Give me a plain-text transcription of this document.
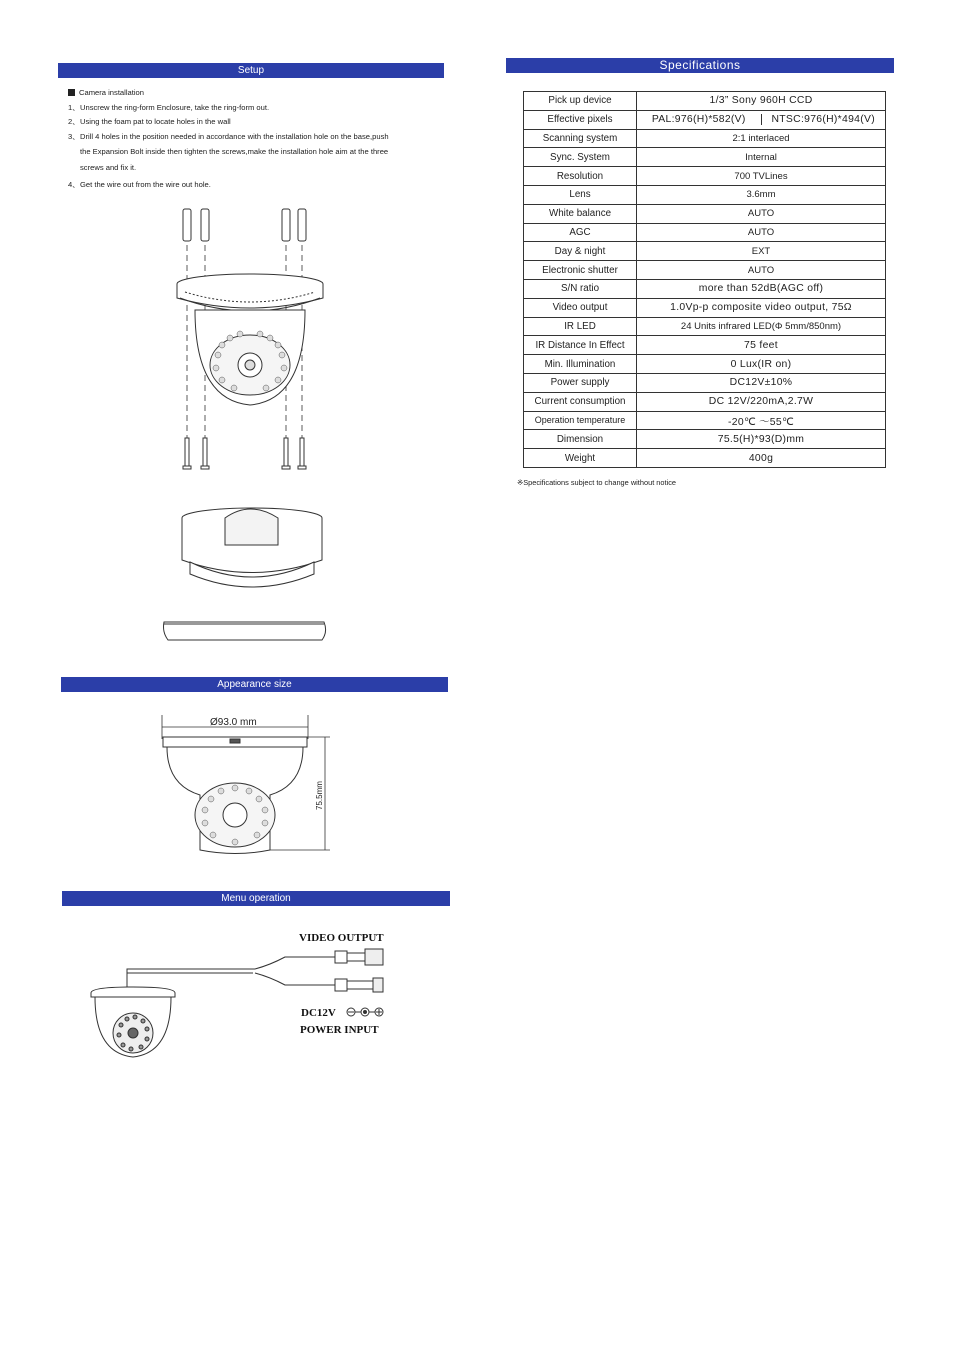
Setup	Specifications
Appearance size
Menu operation
Camera installation
1、Unscrew the ring-form Enclosure, take the ring-form out.
2、Using the foam pat to locate holes in the wall
3、Drill 4 holes in the position needed in accordance with the installation hole on the base,push
the Expansion Bolt inside then tighten the screws,make the installation hole aim at the three
screws and fix it.
4、Get the wire out from the wire out hole.
Ø93.0 mm
75.5mm
VIDEO OUTPUT
DC12V
POWER INPUT
Pick up device	1/3” Sony 960H CCD
Effective pixels	PAL:976(H)*582(V) NTSC:976(H)*494(V)

Scanning system	2:1 interlaced
Sync. System	Internal
Resolution	700 TVLines
Lens	3.6mm
White balance	AUTO
AGC	AUTO
Day & night	EXT
Electronic shutter	AUTO
S/N ratio	more than 52dB(AGC off)
Video output	1.0Vp-p composite video output, 75Ω
IR LED	24 Units infrared LED(Φ 5mm/850nm)
IR Distance In Effect	75 feet
Min. Illumination	0 Lux(IR on)
Power supply	DC12V±10%
Current consumption	DC 12V/220mA,2.7W
Operation temperature	-20℃ ～55℃
Dimension	75.5(H)*93(D)mm
Weight	400g
※Specifications subject to change without notice
